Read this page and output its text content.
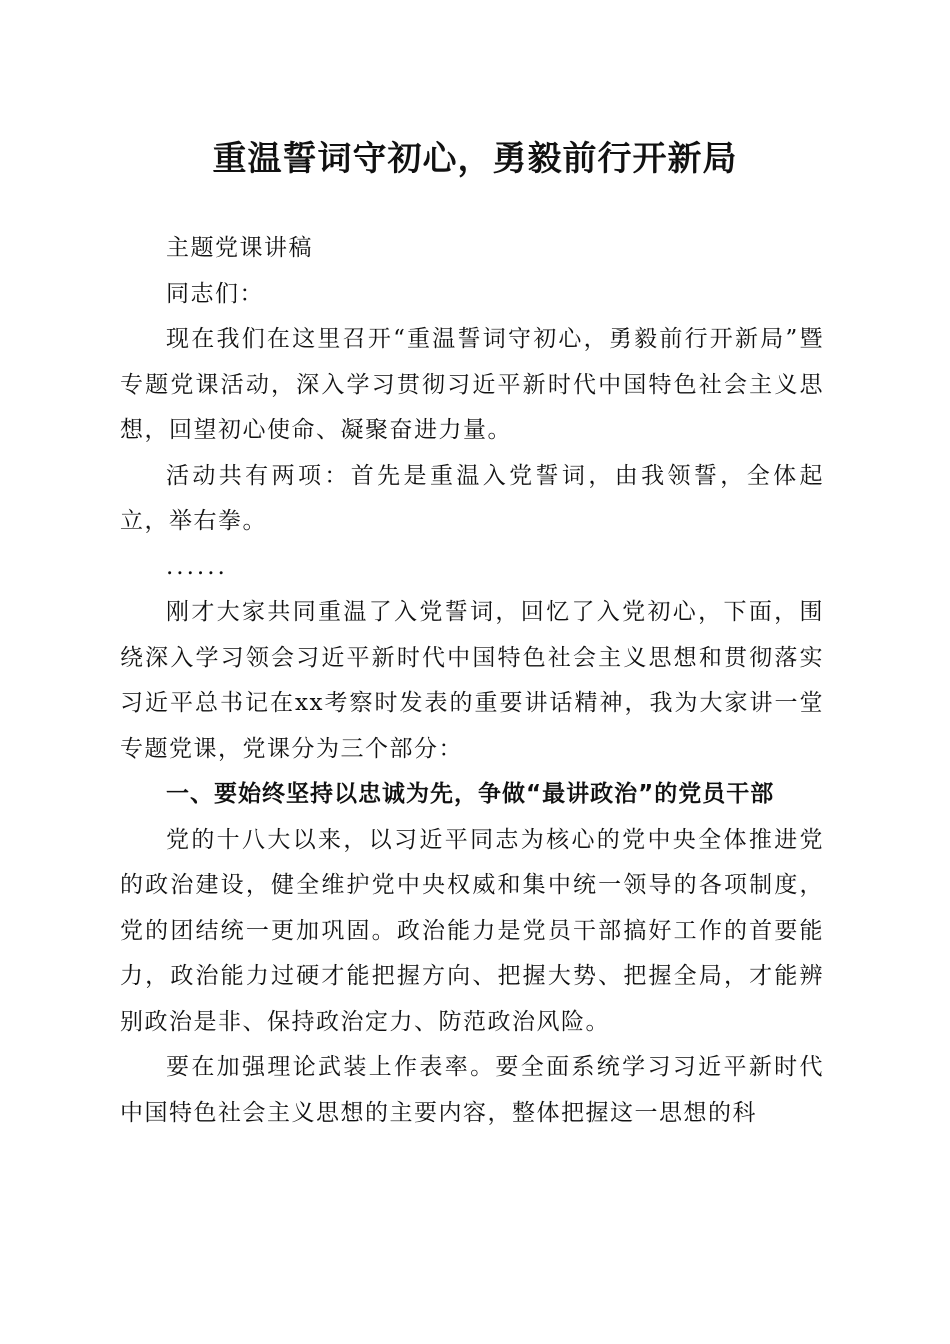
重温誓词守初心，勇毅前行开新局

主题党课讲稿

同志们：

现在我们在这里召开“重温誓词守初心，勇毅前行开新局”暨专题党课活动，深入学习贯彻习近平新时代中国特色社会主义思想，回望初心使命、凝聚奋进力量。

活动共有两项：首先是重温入党誓词，由我领誓，全体起立，举右拳。

......

刚才大家共同重温了入党誓词，回忆了入党初心，下面，围绕深入学习领会习近平新时代中国特色社会主义思想和贯彻落实习近平总书记在xx考察时发表的重要讲话精神，我为大家讲一堂专题党课，党课分为三个部分：

一、要始终坚持以忠诚为先，争做“最讲政治”的党员干部

党的十八大以来，以习近平同志为核心的党中央全体推进党的政治建设，健全维护党中央权威和集中统一领导的各项制度，党的团结统一更加巩固。政治能力是党员干部搞好工作的首要能力，政治能力过硬才能把握方向、把握大势、把握全局，才能辨别政治是非、保持政治定力、防范政治风险。

要在加强理论武装上作表率。要全面系统学习习近平新时代中国特色社会主义思想的主要内容，整体把握这一思想的科
